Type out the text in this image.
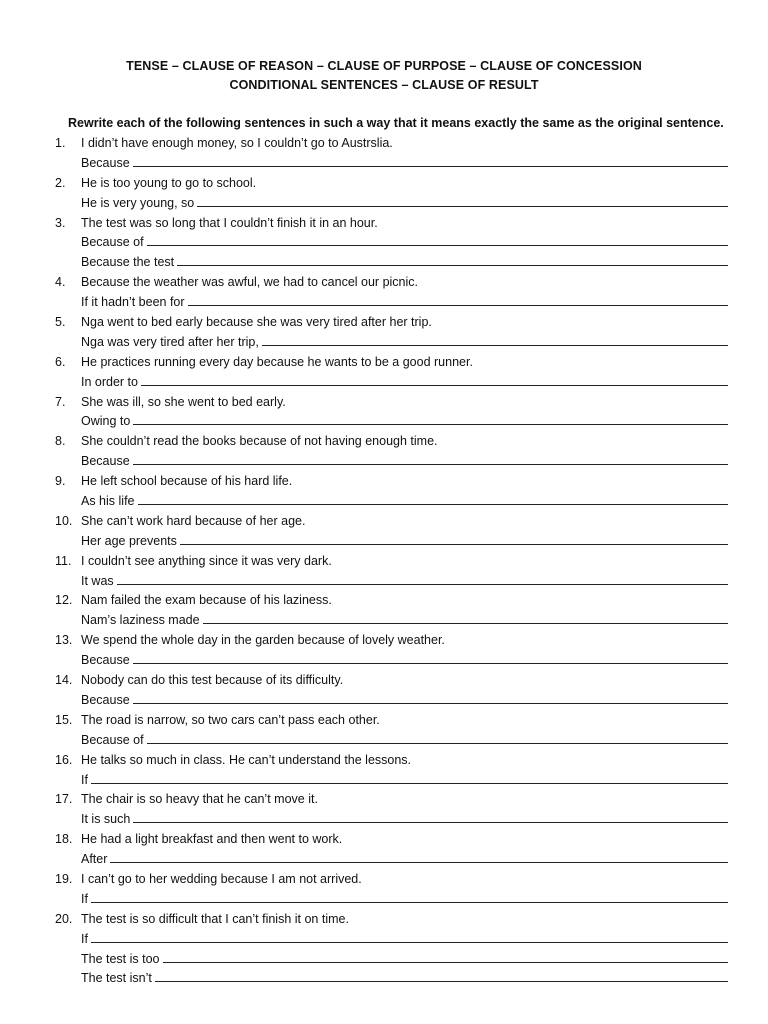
TENSE – CLAUSE OF REASON – CLAUSE OF PURPOSE – CLAUSE OF CONCESSION
CONDITIONAL SENTENCES – CLAUSE OF RESULT
Rewrite each of the following sentences in such a way that it means exactly the same as the original sentence.
1.	I didn’t have enough money, so I couldn’t go to Austrslia.
Because
2.	He is too young to go to school.
He is very young, so
3.	The test was so long that I couldn’t finish it in an hour.
Because of
Because the test
4.	Because the weather was awful, we had to cancel our picnic.
If it hadn’t been for
5.	Nga went to bed early because she was very tired after her trip.
Nga was very tired after her trip,
6.	He practices running every day because he wants to be a good runner.
In order to
7.	She was ill, so she went to bed early.
Owing to
8.	She couldn’t read the books because of not having enough time.
Because
9.	He left school because of his hard life.
As his life
10. She can’t work hard because of her age.
Her age prevents
11. I couldn’t see anything since it was very dark.
It was
12. Nam failed the exam because of his laziness.
Nam’s laziness made
13. We spend the whole day in the garden because of lovely weather.
Because
14. Nobody can do this test because of its difficulty.
Because
15. The road is narrow, so two cars can’t pass each other.
Because of
16. He talks so much in class. He can’t understand the lessons.
If
17. The chair is so heavy that he can’t move it.
It is such
18. He had a light breakfast and then went to work.
After
19. I can’t go to her wedding because I am not arrived.
If
20. The test is so difficult that I can’t finish it on time.
If
The test is too
The test isn’t
